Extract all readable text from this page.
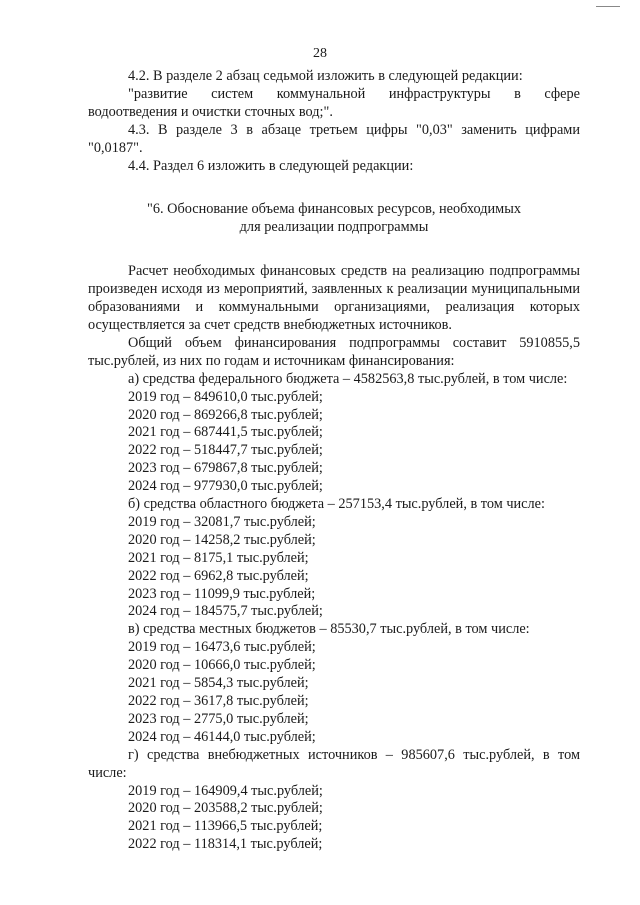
28

4.2. В разделе 2 абзац седьмой изложить в следующей редакции:

"развитие систем коммунальной инфраструктуры в сфере

водоотведения и очистки сточных вод;".

4.3. В разделе 3 в абзаце третьем цифры "0,03" заменить цифрами

"0,0187".

4.4. Раздел 6 изложить в следующей редакции:

"6. Обоснование объема финансовых ресурсов, необходимых

для реализации подпрограммы

Расчет необходимых финансовых средств на реализацию подпрограммы произведен исходя из мероприятий, заявленных к реализации муниципальными образованиями и коммунальными организациями, реализация которых осуществляется за счет средств внебюджетных источников.

Общий объем финансирования подпрограммы составит 5910855,5 тыс.рублей, из них по годам и источникам финансирования:

а) средства федерального бюджета – 4582563,8 тыс.рублей, в том числе:

2019 год – 849610,0 тыс.рублей;

2020 год – 869266,8 тыс.рублей;

2021 год – 687441,5 тыс.рублей;

2022 год – 518447,7 тыс.рублей;

2023 год – 679867,8 тыс.рублей;

2024 год – 977930,0 тыс.рублей;

б) средства областного бюджета – 257153,4 тыс.рублей, в том числе:

2019 год – 32081,7 тыс.рублей;

2020 год – 14258,2 тыс.рублей;

2021 год – 8175,1 тыс.рублей;

2022 год – 6962,8 тыс.рублей;

2023 год – 11099,9 тыс.рублей;

2024 год – 184575,7 тыс.рублей;

в) средства местных бюджетов – 85530,7 тыс.рублей, в том числе:

2019 год – 16473,6 тыс.рублей;

2020 год – 10666,0 тыс.рублей;

2021 год – 5854,3 тыс.рублей;

2022 год – 3617,8 тыс.рублей;

2023 год – 2775,0 тыс.рублей;

2024 год – 46144,0 тыс.рублей;

г) средства внебюджетных источников – 985607,6 тыс.рублей, в том числе:

2019 год – 164909,4 тыс.рублей;

2020 год – 203588,2 тыс.рублей;

2021 год – 113966,5 тыс.рублей;

2022 год – 118314,1 тыс.рублей;
